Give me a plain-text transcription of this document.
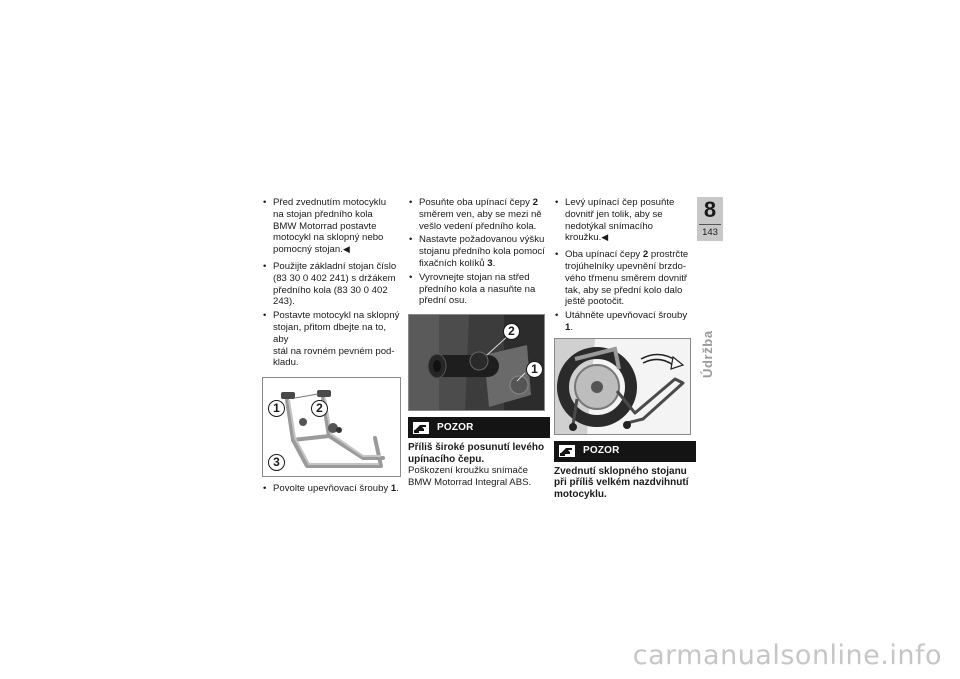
• Před zvednutím motocyklu
na stojan předního kola
BMW Motorrad postavte
motocykl na sklopný nebo
pomocný stojan.◀
• Použijte základní stojan číslo
(83 30 0 402 241) s držákem
předního kola (83 30 0 402
243).
• Postavte motocykl na sklopný
stojan, přitom dbejte na to, aby
stál na rovném pevném pod-
kladu.
1	2
3
• Povolte upevňovací šrouby 1.
• Posuňte oba upínací čepy 2
směrem ven, aby se mezi ně
vešlo vedení předního kola.
• Nastavte požadovanou výšku
stojanu předního kola pomocí
fixačních kolíků 3.
• Vyrovnejte stojan na střed
předního kola a nasuňte na
přední osu.
2
1
POZOR
Příliš široké posunutí levého
upínacího čepu.
Poškození kroužku snímače
BMW Motorrad Integral ABS.
• Levý upínací čep posuňte
dovnitř jen tolik, aby se
nedotýkal snímacího kroužku.◀
• Oba upínací čepy 2 prostrčte
trojúhelníky upevnění brzdo-
vého třmenu směrem dovnitř
tak, aby se přední kolo dalo
ještě pootočit.
• Utáhněte upevňovací šrouby 1.
POZOR
Zvednutí sklopného stojanu
při příliš velkém nazdvihnutí
motocyklu.
8
143
Údržba
carmanualsonline.info
